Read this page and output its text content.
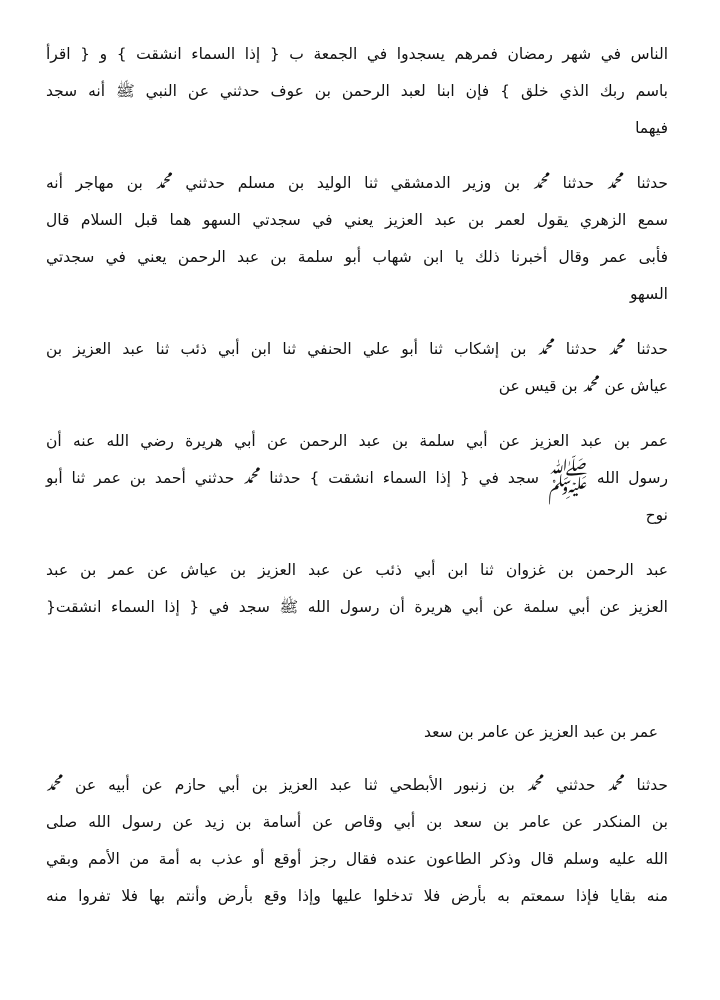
الناس في شهر رمضان فمرهم يسجدوا في الجمعة ب { إذا السماء انشقت } و { اقرأ
باسم ربك الذي خلق } فإن ابنا لعبد الرحمن بن عوف حدثني عن النبي ﷺ أنه سجد
فيهما
حدثنا ﷴ حدثنا ﷴ بن وزير الدمشقي ثنا الوليد بن مسلم حدثني ﷴ بن مهاجر أنه
سمع الزهري يقول لعمر بن عبد العزيز يعني في سجدتي السهو هما قبل السلام قال
فأبى عمر وقال أخبرنا ذلك يا ابن شهاب أبو سلمة بن عبد الرحمن يعني في سجدتي
السهو
حدثنا ﷴ حدثنا ﷴ بن إشكاب ثنا أبو علي الحنفي ثنا ابن أبي ذئب ثنا عبد العزيز بن
عياش عن ﷴ بن قيس عن
عمر بن عبد العزيز عن أبي سلمة بن عبد الرحمن عن أبي هريرة رضي الله عنه أن
رسول الله ﷺ سجد في { إذا السماء انشقت } حدثنا ﷴ حدثني أحمد بن عمر ثنا أبو
نوح
عبد الرحمن بن غزوان ثنا ابن أبي ذئب عن عبد العزيز بن عياش عن عمر بن عبد
العزيز عن أبي سلمة عن أبي هريرة أن رسول الله ﷺ سجد في { إذا السماء انشقت{
عمر بن عبد العزيز عن عامر بن سعد
حدثنا ﷴ حدثني ﷴ بن زنبور الأبطحي ثنا عبد العزيز بن أبي حازم عن أبيه عن ﷴ
بن المنكدر عن عامر بن سعد بن أبي وقاص عن أسامة بن زيد عن رسول الله صلى
الله عليه وسلم قال وذكر الطاعون عنده فقال رجز أوقع أو عذب به أمة من الأمم وبقي
منه بقايا فإذا سمعتم به بأرض فلا تدخلوا عليها وإذا وقع بأرض وأنتم بها فلا تفروا منه
